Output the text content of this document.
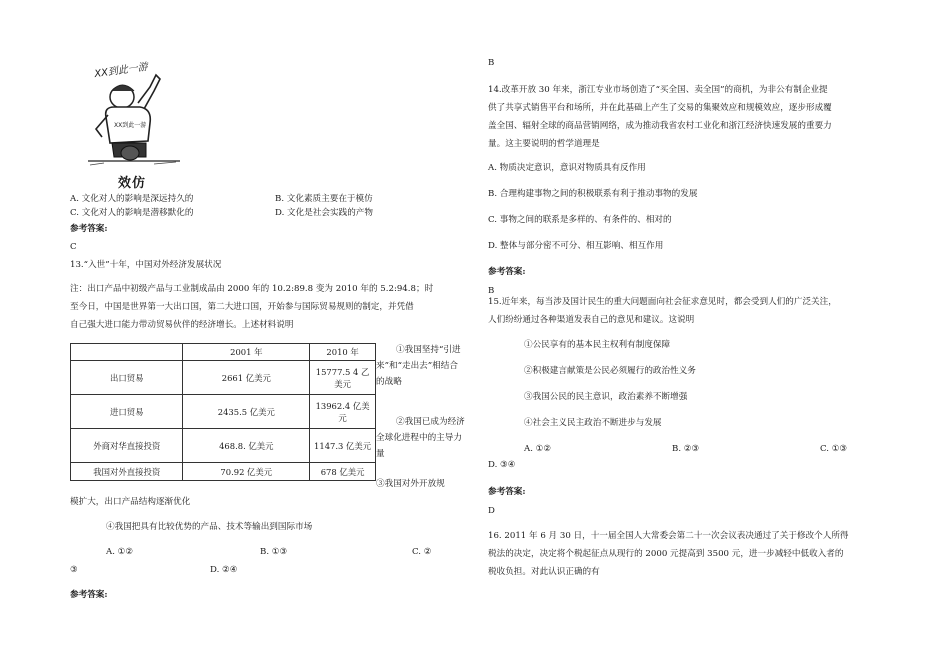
XX到此一游
XX到此一游
效仿
A. 文化对人的影响是深远持久的	B. 文化素质主要在于模仿
C. 文化对人的影响是潜移默化的	D. 文化是社会实践的产物
参考答案:
C
13.“入世”十年，中国对外经济发展状况
注：出口产品中初级产品与工业制成品由 2000 年的 10.2:89.8 变为 2010 年的 5.2:94.8；时
至今日，中国是世界第一大出口国，第二大进口国，开始参与国际贸易规则的制定，并凭借
自己强大进口能力带动贸易伙伴的经济增长。上述材料说明
	2001 年	2010 年
出口贸易	2661 亿美元	15777.5 4 乙美元
进口贸易	2435.5 亿美元	13962.4 亿美元
外商对华直接投资	468.8. 亿美元	1147.3 亿美元
我国对外直接投资	70.92 亿美元	678 亿美元
①我国坚持“引进来”和“走出去”相结合的战略
②我国已成为经济全球化进程中的主导力量
③我国对外开放规
模扩大，出口产品结构逐渐优化
④我国把具有比较优势的产品、技术等输出到国际市场
A. ①②	B. ①③	C. ②
③	D. ②④
参考答案:
B
14.改革开放 30 年来，浙江专业市场创造了“买全国、卖全国”的商机，为非公有制企业提
供了共享式销售平台和场所，并在此基础上产生了交易的集聚效应和规模效应，逐步形成覆
盖全国、辐射全球的商品营销网络，成为推动我省农村工业化和浙江经济快速发展的重要力
量。这主要说明的哲学道理是
A. 物质决定意识，意识对物质具有反作用
B. 合理构建事物之间的积极联系有利于推动事物的发展
C. 事物之间的联系是多样的、有条件的、相对的
D. 整体与部分密不可分、相互影响、相互作用
参考答案:
B
15.近年来，每当涉及国计民生的重大问题面向社会征求意见时，都会受到人们的广泛关注，
人们纷纷通过各种渠道发表自己的意见和建议。这说明
①公民享有的基本民主权利有制度保障
②积极建言献策是公民必须履行的政治性义务
③我国公民的民主意识，政治素养不断增强
④社会主义民主政治不断进步与发展
A. ①②	B. ②③	C. ①③
D. ③④
参考答案:
D
16. 2011 年 6 月 30 日，十一届全国人大常委会第二十一次会议表决通过了关于修改个人所得
税法的决定，决定将个税起征点从现行的 2000 元提高到 3500 元，进一步减轻中低收入者的
税收负担。对此认识正确的有
